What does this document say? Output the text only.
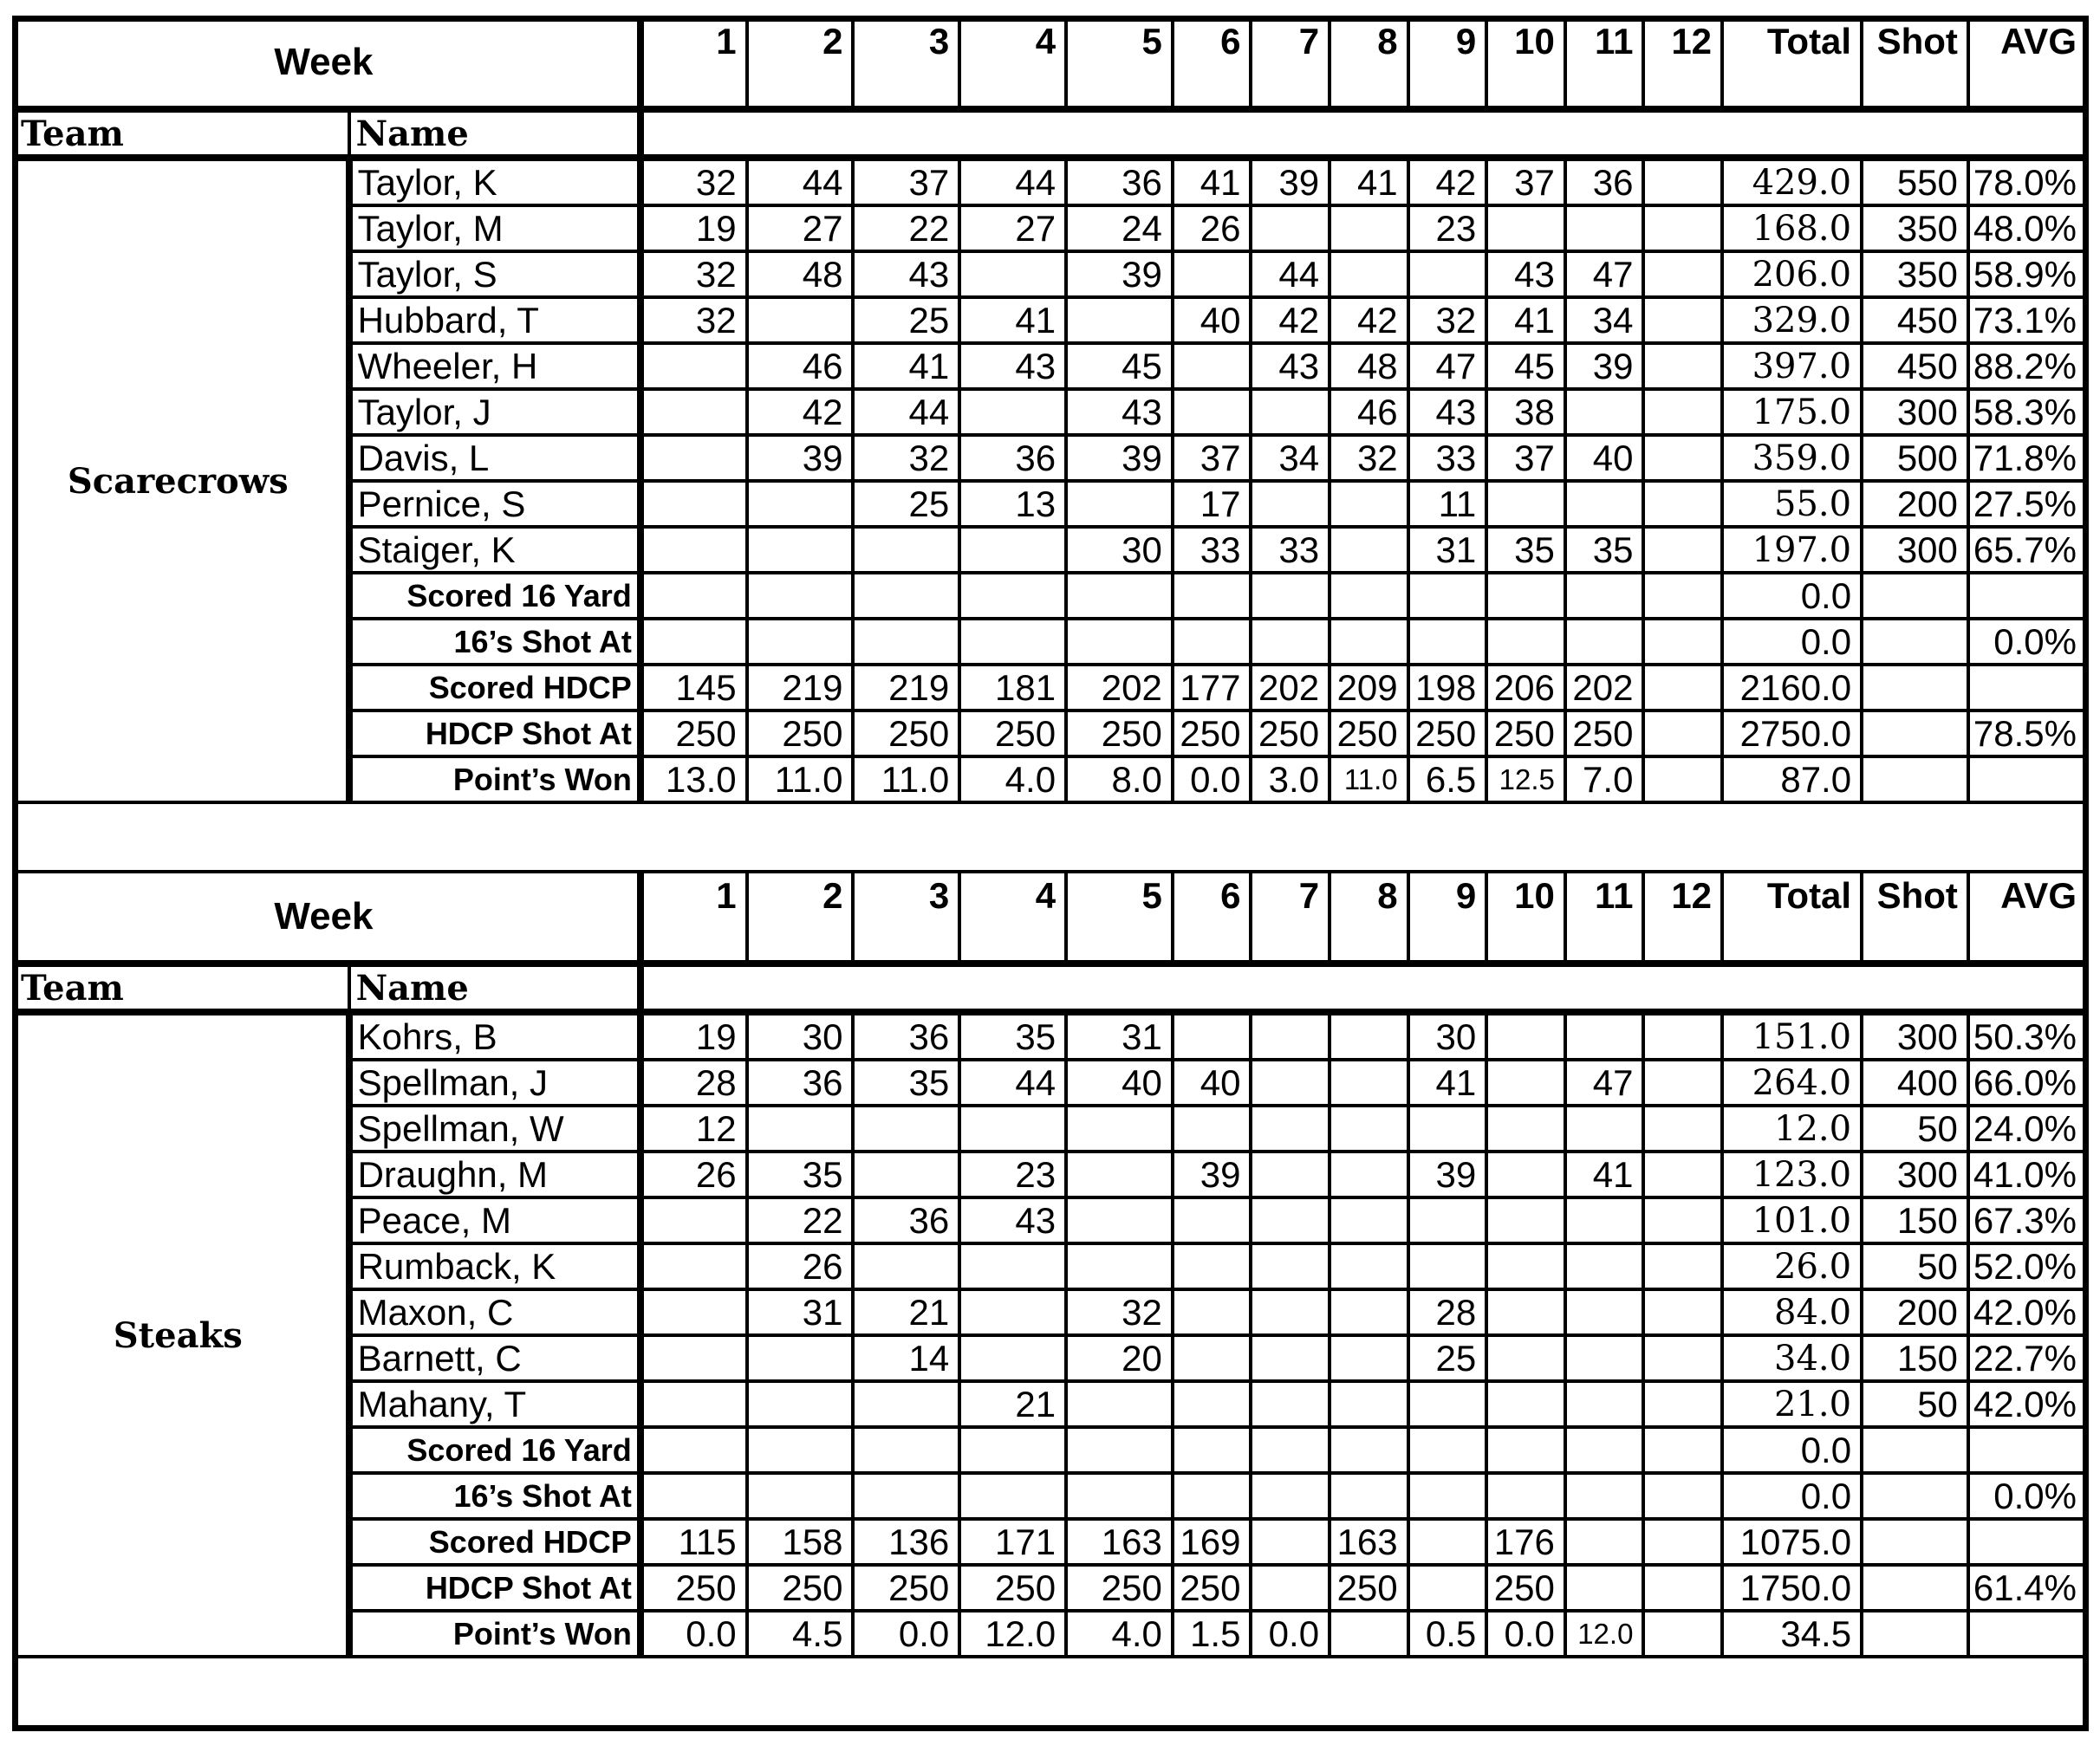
Week		1	2	3	4	5	6	7	8	9	10	11	12	Total	Shot	AVG
Team	Name															
Scarecrows	Taylor, K	32	44	37	44	36	41	39	41	42	37	36		429.0	550	78.0%
	Taylor, M	19	27	22	27	24	26			23				168.0	350	48.0%
	Taylor, S	32	48	43		39		44			43	47		206.0	350	58.9%
	Hubbard, T	32		25	41		40	42	42	32	41	34		329.0	450	73.1%
	Wheeler, H		46	41	43	45		43	48	47	45	39		397.0	450	88.2%
	Taylor, J		42	44		43			46	43	38			175.0	300	58.3%
	Davis, L		39	32	36	39	37	34	32	33	37	40		359.0	500	71.8%
	Pernice, S			25	13		17			11				55.0	200	27.5%
	Staiger, K					30	33	33		31	35	35		197.0	300	65.7%
	Scored 16 Yard													0.0		
	16’s Shot At													0.0		0.0%
	Scored HDCP	145	219	219	181	202	177	202	209	198	206	202		2160.0		
	HDCP Shot At	250	250	250	250	250	250	250	250	250	250	250		2750.0		78.5%
	Point’s Won	13.0	11.0	11.0	4.0	8.0	0.0	3.0	11.0	6.5	12.5	7.0		87.0		
Week		1	2	3	4	5	6	7	8	9	10	11	12	Total	Shot	AVG
Team	Name															
Steaks	Kohrs, B	19	30	36	35	31				30				151.0	300	50.3%
	Spellman, J	28	36	35	44	40	40			41		47		264.0	400	66.0%
	Spellman, W	12												12.0	50	24.0%
	Draughn, M	26	35		23		39			39		41		123.0	300	41.0%
	Peace, M		22	36	43									101.0	150	67.3%
	Rumback, K		26											26.0	50	52.0%
	Maxon, C		31	21		32				28				84.0	200	42.0%
	Barnett, C			14		20				25				34.0	150	22.7%
	Mahany, T				21									21.0	50	42.0%
	Scored 16 Yard													0.0		
	16’s Shot At													0.0		0.0%
	Scored HDCP	115	158	136	171	163	169		163		176			1075.0		
	HDCP Shot At	250	250	250	250	250	250		250		250			1750.0		61.4%
	Point’s Won	0.0	4.5	0.0	12.0	4.0	1.5	0.0		0.5	0.0	12.0		34.5		
